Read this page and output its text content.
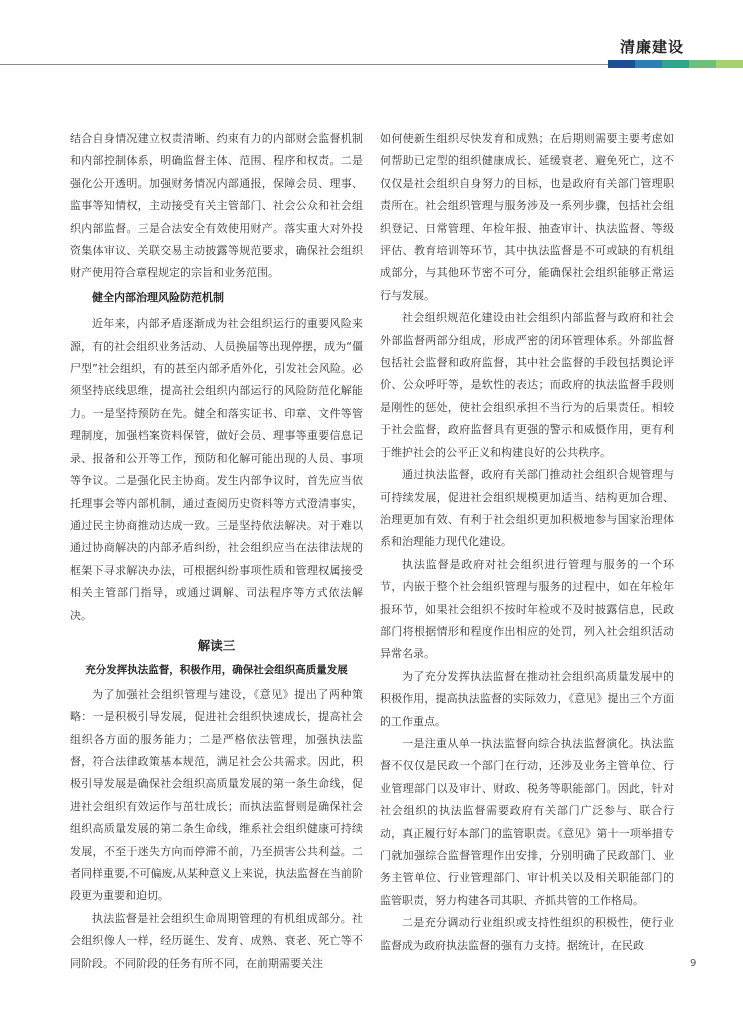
清廉建设

结合自身情况建立权责清晰、约束有力的内部财会监督机制和内部控制体系，明确监督主体、范围、程序和权责。二是强化公开透明。加强财务情况内部通报，保障会员、理事、监事等知情权，主动接受有关主管部门、社会公众和社会组织内部监督。三是合法安全有效使用财产。落实重大对外投资集体审议、关联交易主动披露等规范要求，确保社会组织财产使用符合章程规定的宗旨和业务范围。

健全内部治理风险防范机制

近年来，内部矛盾逐渐成为社会组织运行的重要风险来源，有的社会组织业务活动、人员换届等出现停摆，成为“僵尸型”社会组织，有的甚至内部矛盾外化，引发社会风险。必须坚持底线思维，提高社会组织内部运行的风险防范化解能力。一是坚持预防在先。健全和落实证书、印章、文件等管理制度，加强档案资料保管，做好会员、理事等重要信息记录、报备和公开等工作，预防和化解可能出现的人员、事项等争议。二是强化民主协商。发生内部争议时，首先应当依托理事会等内部机制，通过查阅历史资料等方式澄清事实，通过民主协商推动达成一致。三是坚持依法解决。对于难以通过协商解决的内部矛盾纠纷，社会组织应当在法律法规的框架下寻求解决办法，可根据纠纷事项性质和管理权属接受相关主管部门指导，或通过调解、司法程序等方式依法解决。

解读三
充分发挥执法监督，积极作用，确保社会组织高质量发展

为了加强社会组织管理与建设，《意见》提出了两种策略：一是积极引导发展，促进社会组织快速成长，提高社会组织各方面的服务能力；二是严格依法管理，加强执法监督，符合法律政策基本规范，满足社会公共需求。因此，积极引导发展是确保社会组织高质量发展的第一条生命线，促进社会组织有效运作与茁壮成长；而执法监督则是确保社会组织高质量发展的第二条生命线，维系社会组织健康可持续发展，不至于迷失方向而停滞不前，乃至损害公共利益。二者同样重要,不可偏废,从某种意义上来说，执法监督在当前阶段更为重要和迫切。

执法监督是社会组织生命周期管理的有机组成部分。社会组织像人一样，经历诞生、发育、成熟、衰老、死亡等不同阶段。不同阶段的任务有所不同，在前期需要关注

如何使新生组织尽快发育和成熟；在后期则需要主要考虑如何帮助已定型的组织健康成长、延缓衰老、避免死亡，这不仅仅是社会组织自身努力的目标，也是政府有关部门管理职责所在。社会组织管理与服务涉及一系列步骤，包括社会组织登记、日常管理、年检年报、抽查审计、执法监督、等级评估、教育培训等环节，其中执法监督是不可或缺的有机组成部分，与其他环节密不可分，能确保社会组织能够正常运行与发展。

社会组织规范化建设由社会组织内部监督与政府和社会外部监督两部分组成，形成严密的闭环管理体系。外部监督包括社会监督和政府监督，其中社会监督的手段包括舆论评价、公众呼吁等，是软性的表达；而政府的执法监督手段则是刚性的惩处，使社会组织承担不当行为的后果责任。相较于社会监督，政府监督具有更强的警示和威慑作用，更有利于维护社会的公平正义和构建良好的公共秩序。

通过执法监督，政府有关部门推动社会组织合规管理与可持续发展，促进社会组织规模更加适当、结构更加合理、治理更加有效、有利于社会组织更加积极地参与国家治理体系和治理能力现代化建设。

执法监督是政府对社会组织进行管理与服务的一个环节，内嵌于整个社会组织管理与服务的过程中，如在年检年报环节，如果社会组织不按时年检或不及时披露信息，民政部门将根据情形和程度作出相应的处罚，列入社会组织活动异常名录。

为了充分发挥执法监督在推动社会组织高质量发展中的积极作用，提高执法监督的实际效力，《意见》提出三个方面的工作重点。

一是注重从单一执法监督向综合执法监督演化。执法监督不仅仅是民政一个部门在行动，还涉及业务主管单位、行业管理部门以及审计、财政、税务等职能部门。因此，针对社会组织的执法监督需要政府有关部门广泛参与、联合行动，真正履行好本部门的监管职责。《意见》第十一项举措专门就加强综合监督管理作出安排，分别明确了民政部门、业务主管单位、行业管理部门、审计机关以及相关职能部门的监管职责，努力构建各司其职、齐抓共管的工作格局。

二是充分调动行业组织或支持性组织的积极性，使行业监督成为政府执法监督的强有力支持。据统计，在民政

9
